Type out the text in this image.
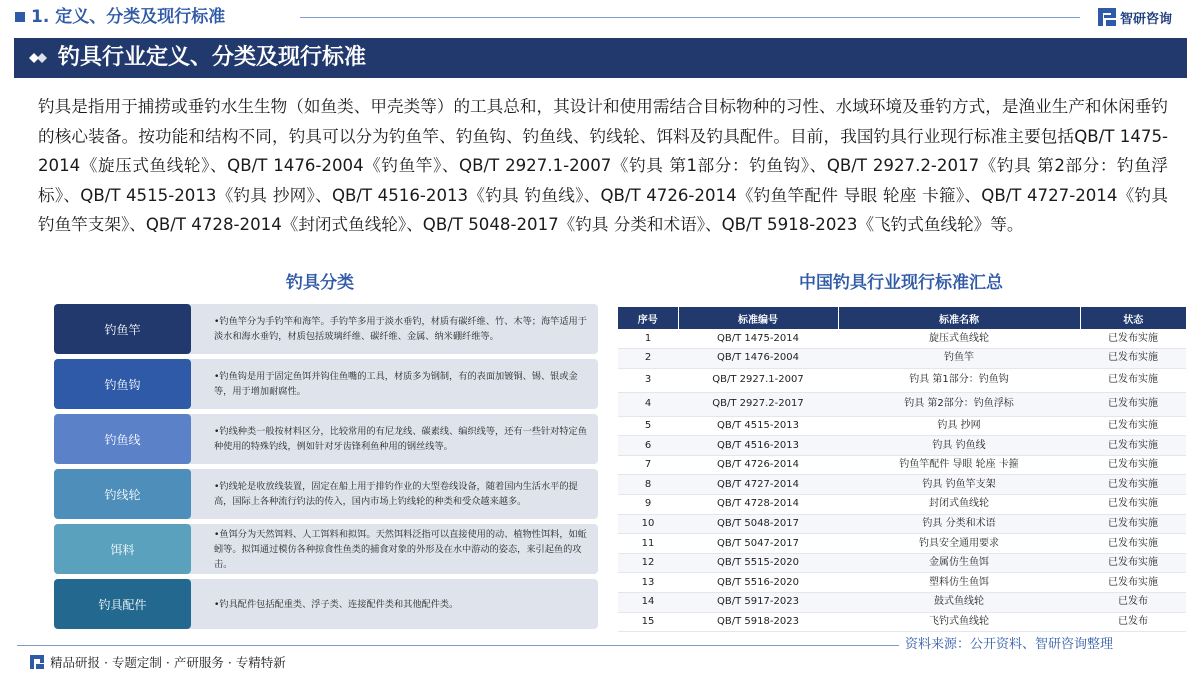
1. 定义、分类及现行标准	智研咨询
钓具行业定义、分类及现行标准

钓具是指用于捕捞或垂钓水生生物（如鱼类、甲壳类等）的工具总和，其设计和使用需结合目标物种的习性、水域环境及垂钓方式，是渔业生产和休闲垂钓的核心装备。按功能和结构不同，钓具可以分为钓鱼竿、钓鱼钩、钓鱼线、钓线轮、饵料及钓具配件。目前，我国钓具行业现行标准主要包括QB/T 1475-2014《旋压式鱼线轮》、QB/T 1476-2004《钓鱼竿》、QB/T 2927.1-2007《钓具 第1部分：钓鱼钩》、QB/T 2927.2-2017《钓具 第2部分：钓鱼浮标》、QB/T 4515-2013《钓具 抄网》、QB/T 4516-2013《钓具 钓鱼线》、QB/T 4726-2014《钓鱼竿配件 导眼 轮座 卡箍》、QB/T 4727-2014《钓具 钓鱼竿支架》、QB/T 4728-2014《封闭式鱼线轮》、QB/T 5048-2017《钓具 分类和术语》、QB/T 5918-2023《飞钓式鱼线轮》等。

钓具分类	中国钓具行业现行标准汇总
钓鱼竿
•钓鱼竿分为手钓竿和海竿。手钓竿多用于淡水垂钓，材质有碳纤维、竹、木等；海竿适用于淡水和海水垂钓，材质包括玻璃纤维、碳纤维、金属、纳米硼纤维等。
钓鱼钩
•钓鱼钩是用于固定鱼饵并钩住鱼嘴的工具，材质多为钢制，有的表面加镀铜、锡、银或金等，用于增加耐腐性。
钓鱼线
•钓线种类一般按材料区分，比较常用的有尼龙线、碳素线、编织线等，还有一些针对特定鱼种使用的特殊钓线，例如针对牙齿锋利鱼种用的钢丝线等。
钓线轮
•钓线轮是收放线装置，固定在船上用于排钓作业的大型卷线设备，随着国内生活水平的提高，国际上各种流行钓法的传入，国内市场上钓线轮的种类和受众越来越多。
饵料
•鱼饵分为天然饵料、人工饵料和拟饵。天然饵料泛指可以直接使用的动、植物性饵料，如蚯蚓等。拟饵通过模仿各种掠食性鱼类的捕食对象的外形及在水中游动的姿态，来引起鱼的攻击。
钓具配件	•钓具配件包括配重类、浮子类、连接配件类和其他配件类。
序号	标准编号	标准名称	状态
1	QB/T 1475-2014	旋压式鱼线轮	已发布实施
2	QB/T 1476-2004	钓鱼竿	已发布实施
3	QB/T 2927.1-2007	钓具 第1部分：钓鱼钩	已发布实施
4	QB/T 2927.2-2017	钓具 第2部分：钓鱼浮标	已发布实施
5	QB/T 4515-2013	钓具 抄网	已发布实施
6	QB/T 4516-2013	钓具 钓鱼线	已发布实施
7	QB/T 4726-2014	钓鱼竿配件 导眼 轮座 卡箍	已发布实施
8	QB/T 4727-2014	钓具 钓鱼竿支架	已发布实施
9	QB/T 4728-2014	封闭式鱼线轮	已发布实施
10	QB/T 5048-2017	钓具 分类和术语	已发布实施
11	QB/T 5047-2017	钓具安全通用要求	已发布实施
12	QB/T 5515-2020	金属仿生鱼饵	已发布实施
13	QB/T 5516-2020	塑料仿生鱼饵	已发布实施
14	QB/T 5917-2023	鼓式鱼线轮	已发布
15	QB/T 5918-2023	飞钓式鱼线轮	已发布
资料来源：公开资料、智研咨询整理
精品研报 · 专题定制 · 产研服务 · 专精特新
